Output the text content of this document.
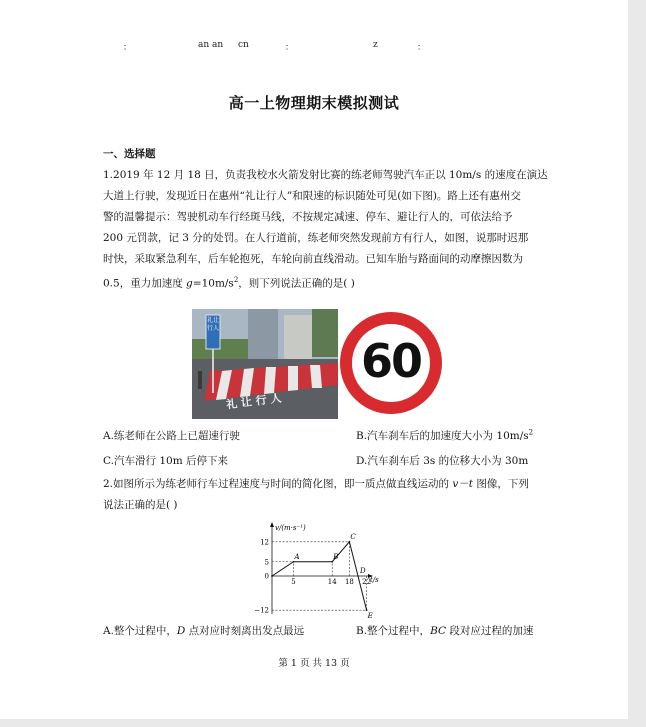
：	an an cn	：	z	：
高一上物理期末模拟测试
一、选择题
1.2019 年 12 月 18 日，负责我校水火箭发射比赛的练老师驾驶汽车正以 10m/s 的速度在演达
大道上行驶，发现近日在惠州“礼让行人”和限速的标识随处可见(如下图)。路上还有惠州交
警的温馨提示：驾驶机动车行经斑马线，不按规定减速、停车、避让行人的，可依法给予
200 元罚款，记 3 分的处罚。在人行道前，练老师突然发现前方有行人，如图，说那时迟那
时快，采取紧急利车，后车轮抱死，车轮向前直线滑动。已知车胎与路面间的动摩擦因数为
0.5，重力加速度 $g=10m/s^2$，则下列说法正确的是( )
礼让行人
礼 让 行 人
60
A.练老师在公路上已超速行驶	B.汽车刹车后的加速度大小为 $10m/s^2$
C.汽车滑行 10m 后停下来	D.汽车刹车后 3s 的位移大小为 30m
2.如图所示为练老师行车过程速度与时间的简化图，即一质点做直线运动的 v－t 图像，下列
说法正确的是( )
v/(m·s⁻¹)
t/s
A	B
C
E
D
5	14 18 22
12
5
0
−12
A.整个过程中，D 点对应时刻离出发点最远	B.整个过程中，BC 段对应过程的加速
第 1 页 共 13 页
